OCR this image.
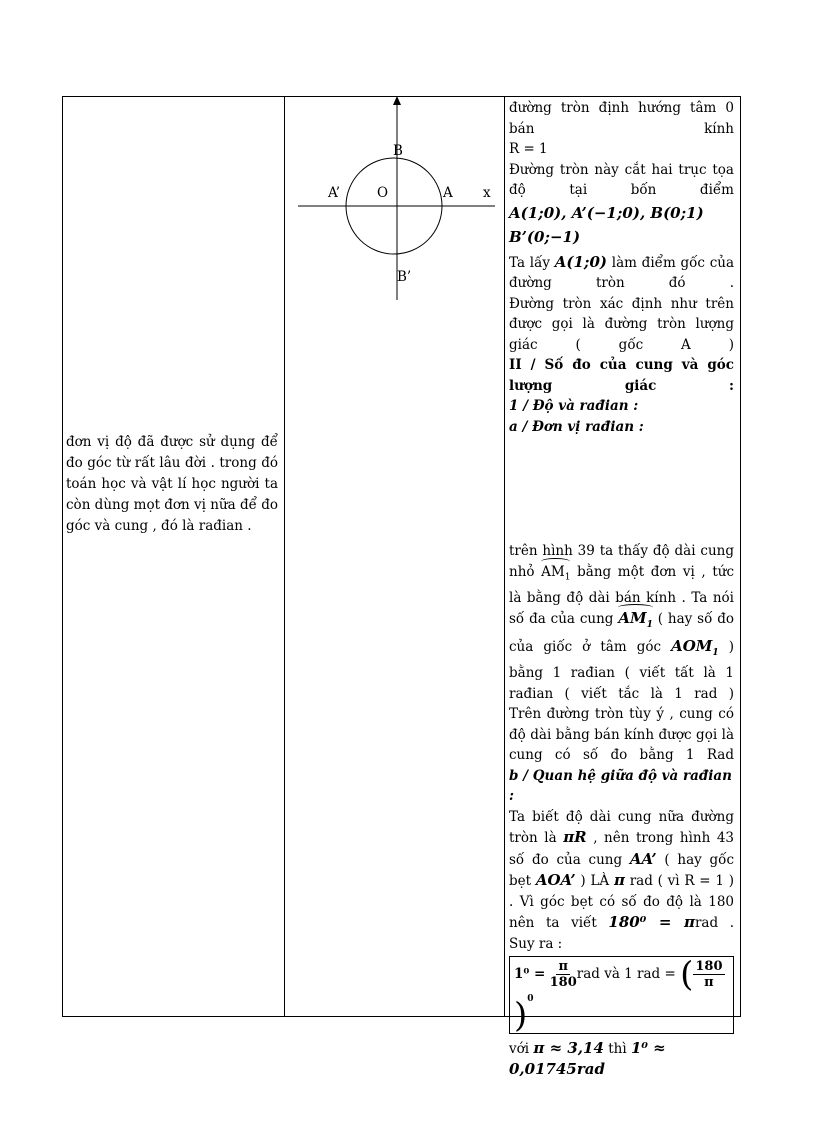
đơn vị độ đã được sử dụng để đo góc từ rất lâu đời . trong đó toán học và vật lí học người ta còn dùng mọt đơn vị nữa để đo góc và cung , đó là rađian .
B
A’	O	A x
B’

đường tròn định hướng tâm 0 bán kính

R = 1

Đường tròn này cắt hai trục tọa độ tại bốn điểm

A(1;0), A’(−1;0), B(0;1)

B’(0;−1)

Ta lấy A(1;0) làm điểm gốc của đường tròn đó .

Đường tròn xác định như trên được gọi là đường tròn lượng giác ( gốc A )

II / Số đo của cung và góc lượng giác :

1 / Độ và rađian :

a / Đơn vị rađian :

trên hình 39 ta thấy độ dài cung nhỏ $AM_1$ bằng một đơn vị , tức là bằng độ dài bán kính . Ta nói số đa của cung $AM_1$ ( hay số đo của giốc ở tâm góc $AOM_1$ ) bằng 1 rađian ( viết tất là 1 rađian ( viết tắc là 1 rad )

Trên đường tròn tùy ý , cung có độ dài bằng bán kính được gọi là cung có số đo bằng 1 Rad

b / Quan hệ giữa độ và rađian :

Ta biết độ dài cung nữa đường tròn là πR , nên trong hình 43 số đo của cung AA’ ( hay gốc bẹt AOA’ ) LÀ π rad ( vì R = 1 ) . Vì góc bẹt có số đo độ là 180 nên ta viết 180⁰ = πrad .

Suy ra :

$1^0 = \frac{\pi}{180}$ rad và 1 rad = ( $\frac{180}{\pi}$
)$^0$

với π ≈ 3,14 thì 1⁰ ≈ 0,01745rad
